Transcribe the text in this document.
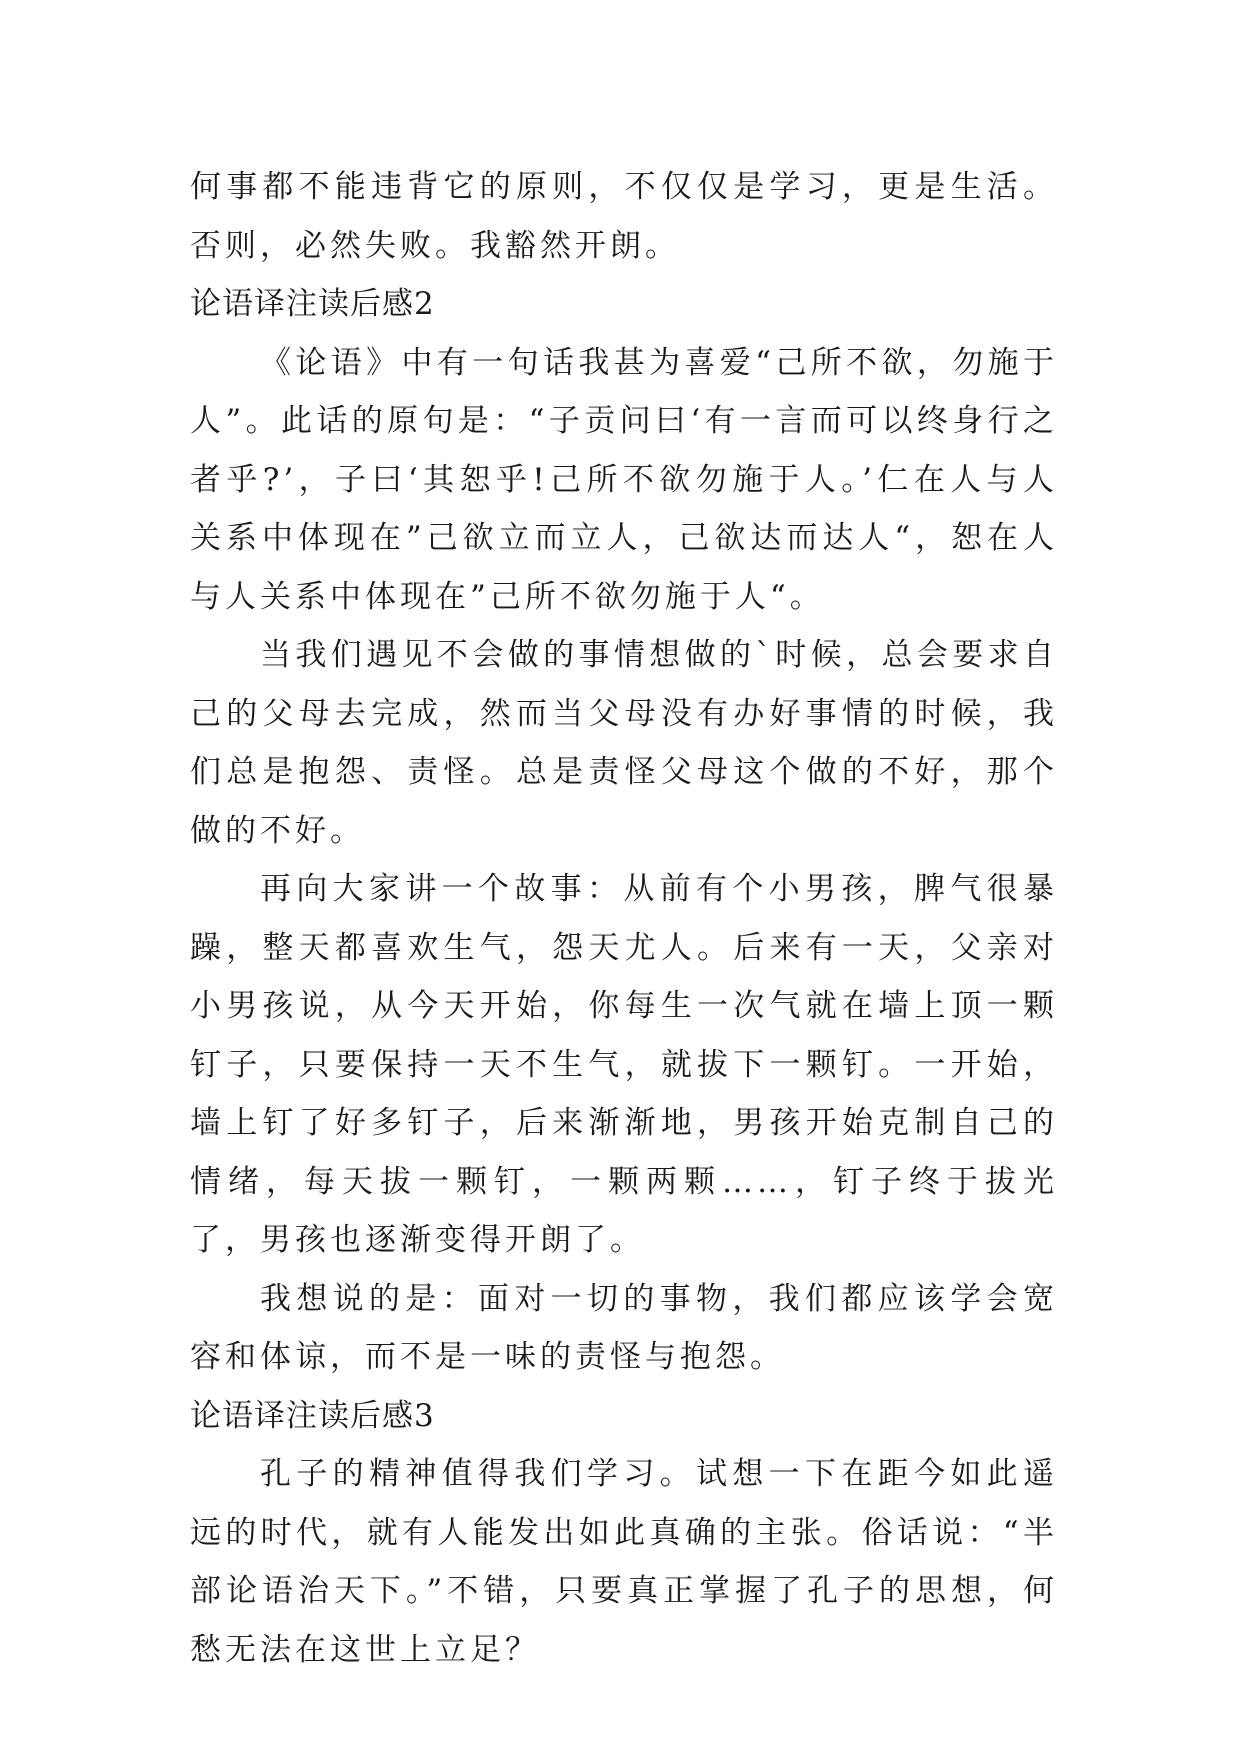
何事都不能违背它的原则，不仅仅是学习，更是生活。否则，必然失败。我豁然开朗。

论语译注读后感2

《论语》中有一句话我甚为喜爱“己所不欲，勿施于人”。此话的原句是：“子贡问曰‘有一言而可以终身行之者乎?’，子曰‘其恕乎!己所不欲勿施于人。’仁在人与人关系中体现在”己欲立而立人，己欲达而达人“，恕在人与人关系中体现在”己所不欲勿施于人“。

当我们遇见不会做的事情想做的`时候，总会要求自己的父母去完成，然而当父母没有办好事情的时候，我们总是抱怨、责怪。总是责怪父母这个做的不好，那个做的不好。

再向大家讲一个故事：从前有个小男孩，脾气很暴躁，整天都喜欢生气，怨天尤人。后来有一天，父亲对小男孩说，从今天开始，你每生一次气就在墙上顶一颗钉子，只要保持一天不生气，就拔下一颗钉。一开始，墙上钉了好多钉子，后来渐渐地，男孩开始克制自己的情绪，每天拔一颗钉，一颗两颗……，钉子终于拔光了，男孩也逐渐变得开朗了。

我想说的是：面对一切的事物，我们都应该学会宽容和体谅，而不是一味的责怪与抱怨。

论语译注读后感3

孔子的精神值得我们学习。试想一下在距今如此遥远的时代，就有人能发出如此真确的主张。俗话说：“半部论语治天下。”不错，只要真正掌握了孔子的思想，何愁无法在这世上立足？
